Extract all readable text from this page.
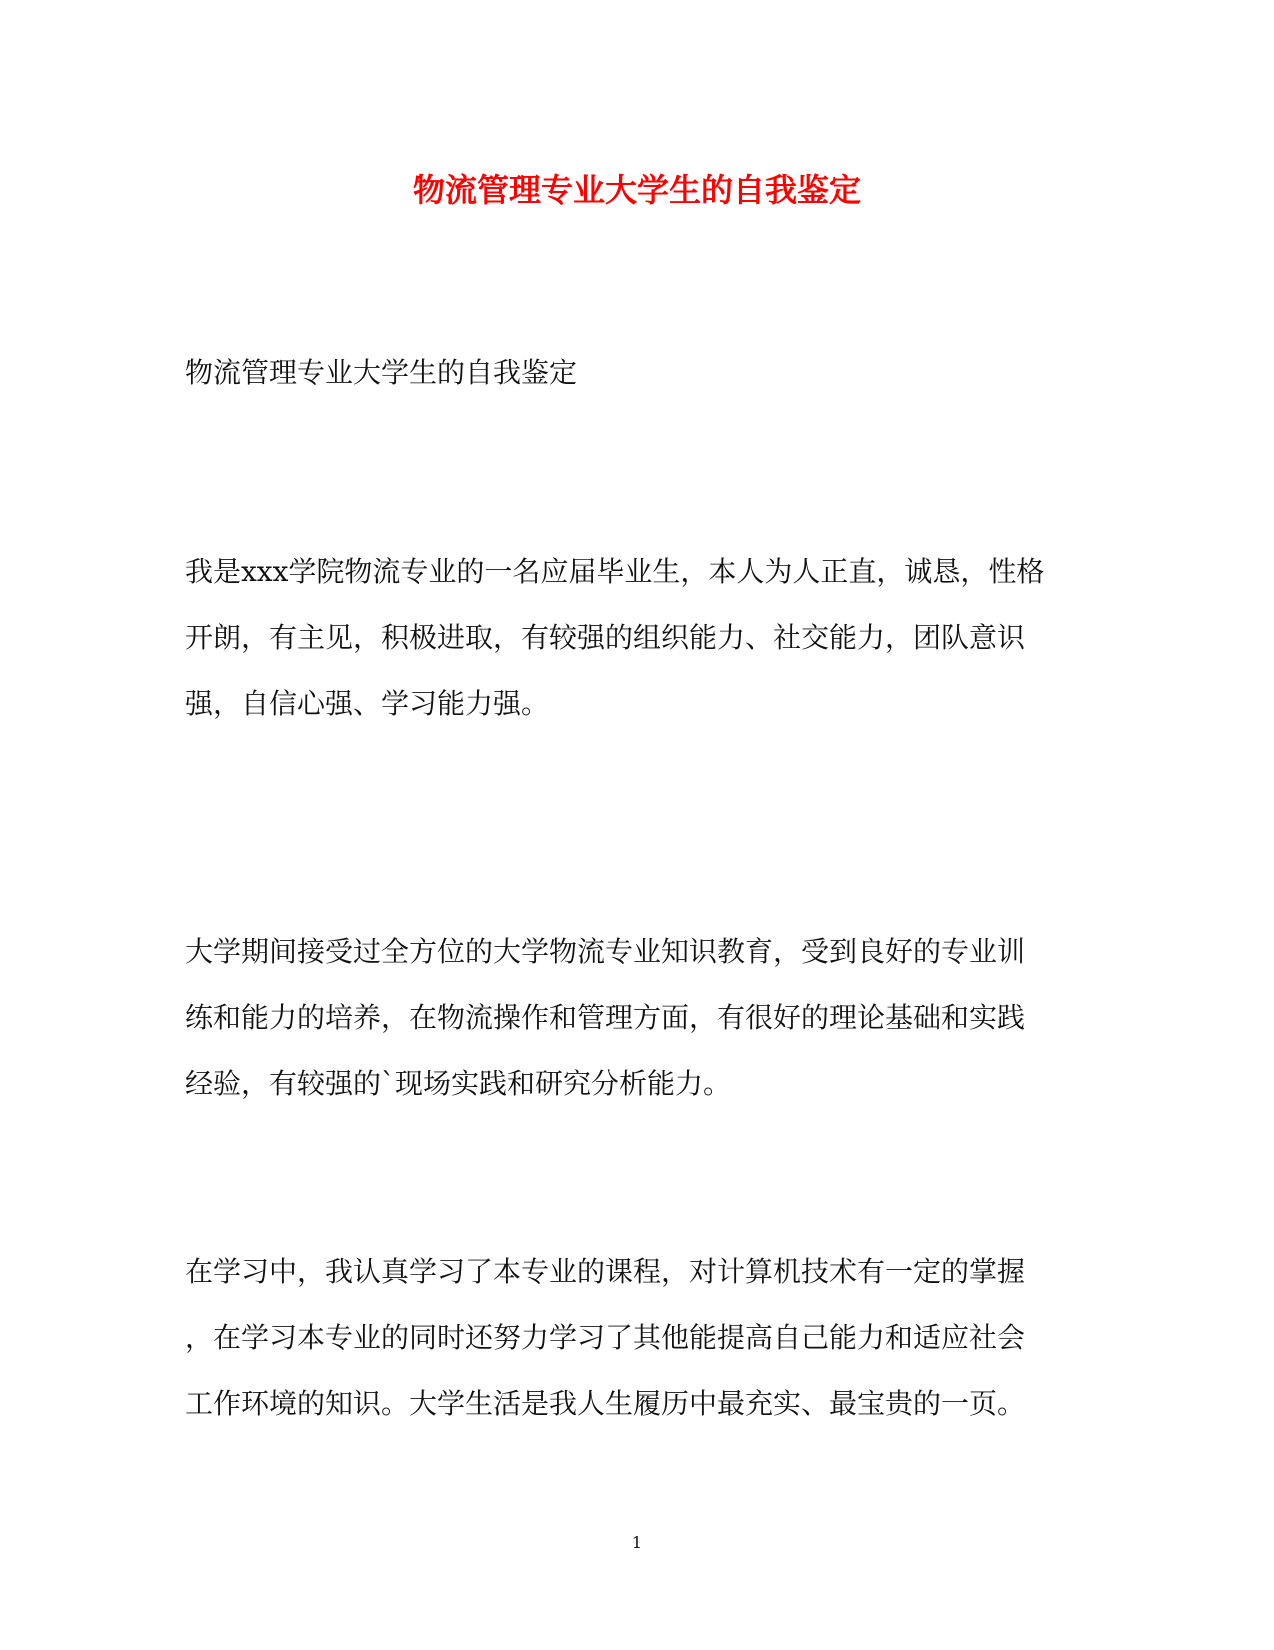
物流管理专业大学生的自我鉴定

物流管理专业大学生的自我鉴定

我是xxx学院物流专业的一名应届毕业生，本人为人正直，诚恳，性格
开朗，有主见，积极进取，有较强的组织能力、社交能力，团队意识
强，自信心强、学习能力强。
大学期间接受过全方位的大学物流专业知识教育，受到良好的专业训
练和能力的培养，在物流操作和管理方面，有很好的理论基础和实践
经验，有较强的`现场实践和研究分析能力。
在学习中，我认真学习了本专业的课程，对计算机技术有一定的掌握
，在学习本专业的同时还努力学习了其他能提高自己能力和适应社会
工作环境的知识。大学生活是我人生履历中最充实、最宝贵的一页。
1
